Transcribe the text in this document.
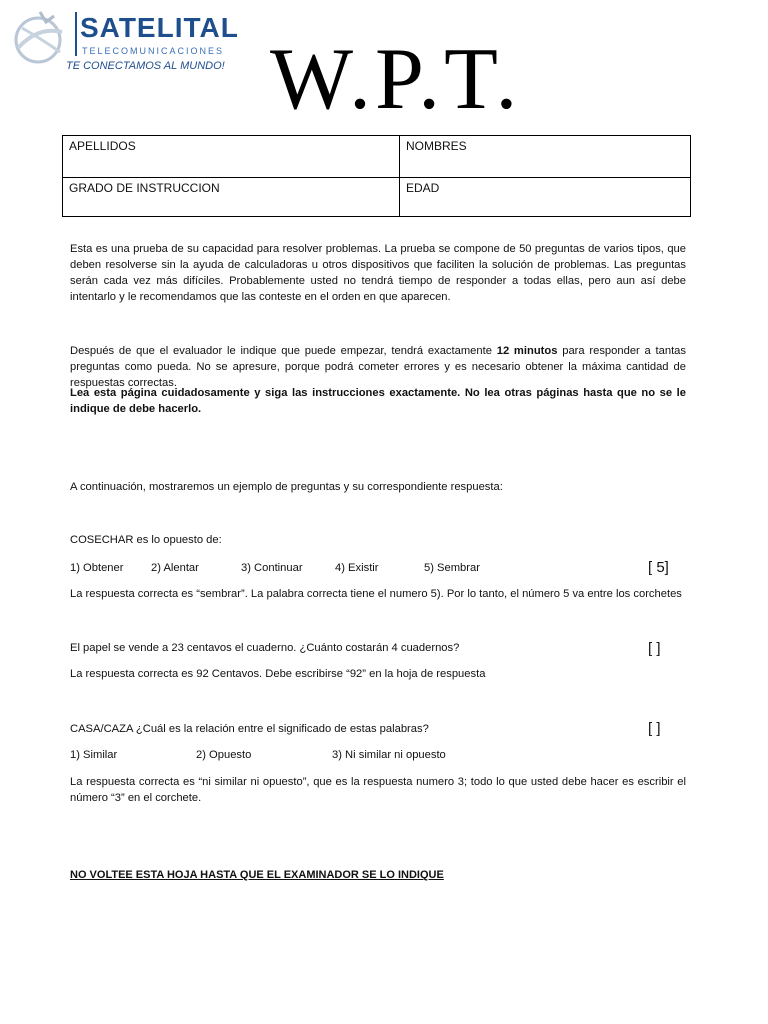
SATELITAL
TELECOMUNICACIONES
TE CONECTAMOS AL MUNDO! W.P.T.
APELLIDOS	NOMBRES
GRADO DE INSTRUCCION	EDAD
Esta es una prueba de su capacidad para resolver problemas. La prueba se compone de 50 preguntas de varios tipos, que deben resolverse sin la ayuda de calculadoras u otros dispositivos que faciliten la solución de problemas. Las preguntas serán cada vez más difíciles. Probablemente usted no tendrá tiempo de responder a todas ellas, pero aun así debe intentarlo y le recomendamos que las conteste en el orden en que aparecen.
Después de que el evaluador le indique que puede empezar, tendrá exactamente 12 minutos para responder a tantas preguntas como pueda. No se apresure, porque podrá cometer errores y es necesario obtener la máxima cantidad de respuestas correctas.
Lea esta página cuidadosamente y siga las instrucciones exactamente. No lea otras páginas hasta que no se le indique de debe hacerlo.
A continuación, mostraremos un ejemplo de preguntas y su correspondiente respuesta:
COSECHAR es lo opuesto de:
1) Obtener 2) Alentar	3) Continuar	4) Existir	5) Sembrar	[ 5]
La respuesta correcta es “sembrar”. La palabra correcta tiene el numero 5). Por lo tanto, el número 5 va entre los corchetes
El papel se vende a 23 centavos el cuaderno. ¿Cuánto costarán 4 cuadernos?	[ ]
La respuesta correcta es 92 Centavos. Debe escribirse “92” en la hoja de respuesta
CASA/CAZA ¿Cuál es la relación entre el significado de estas palabras?	[ ]
1) Similar	2) Opuesto	3) Ni similar ni opuesto
La respuesta correcta es “ni similar ni opuesto”, que es la respuesta numero 3; todo lo que usted debe hacer es escribir el número “3” en el corchete.
NO VOLTEE ESTA HOJA HASTA QUE EL EXAMINADOR SE LO INDIQUE
